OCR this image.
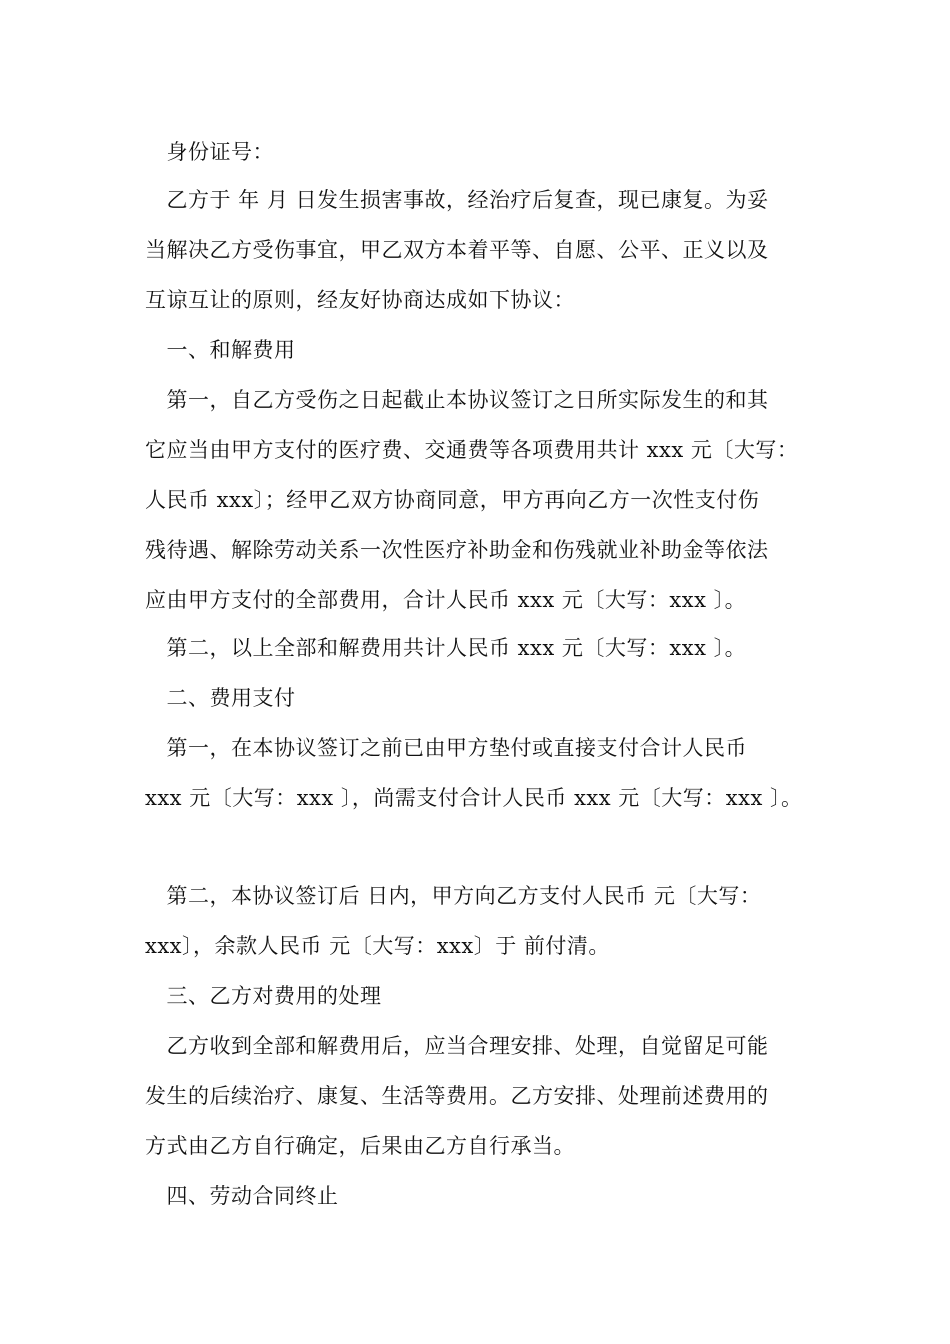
　身份证号：
　乙方于 年 月 日发生损害事故，经治疗后复查，现已康复。为妥
当解决乙方受伤事宜，甲乙双方本着平等、自愿、公平、正义以及
互谅互让的原则，经友好协商达成如下协议：
　一、和解费用
　第一，自乙方受伤之日起截止本协议签订之日所实际发生的和其
它应当由甲方支付的医疗费、交通费等各项费用共计 xxx 元〔大写：
人民币 xxx〕；经甲乙双方协商同意，甲方再向乙方一次性支付伤
残待遇、解除劳动关系一次性医疗补助金和伤残就业补助金等依法
应由甲方支付的全部费用，合计人民币 xxx 元〔大写：xxx 〕。
　第二，以上全部和解费用共计人民币 xxx 元〔大写：xxx 〕。
　二、费用支付
　第一，在本协议签订之前已由甲方垫付或直接支付合计人民币
xxx 元〔大写：xxx 〕，尚需支付合计人民币 xxx 元〔大写：xxx 〕。
　第二，本协议签订后 日内，甲方向乙方支付人民币 元〔大写：
xxx〕，余款人民币 元〔大写：xxx〕于 前付清。
　三、乙方对费用的处理
　乙方收到全部和解费用后，应当合理安排、处理，自觉留足可能
发生的后续治疗、康复、生活等费用。乙方安排、处理前述费用的
方式由乙方自行确定，后果由乙方自行承当。
　四、劳动合同终止
